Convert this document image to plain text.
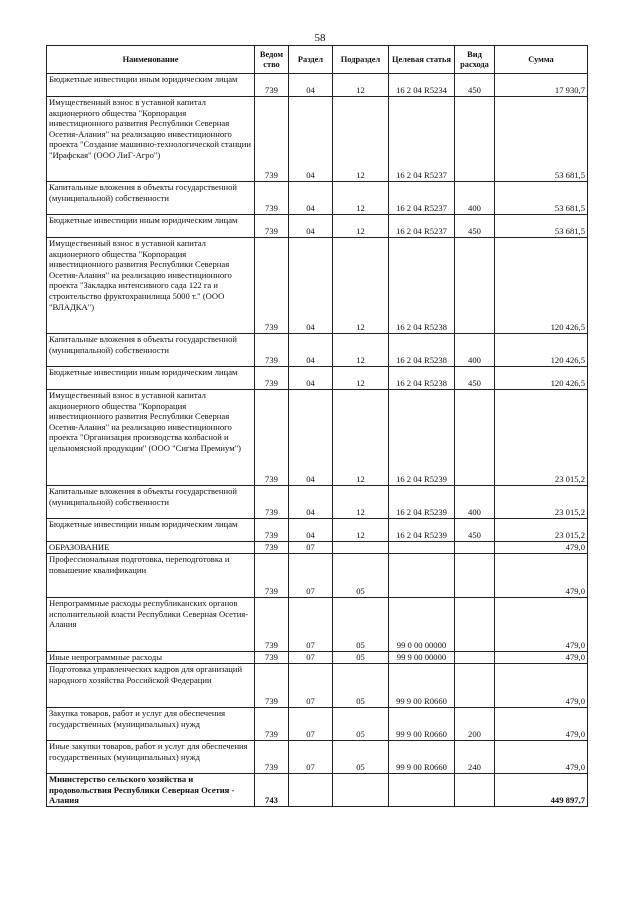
58
Наименование	Ведом ство	Раздел	Подраздел	Целевая статья	Вид расхода	Сумма
Бюджетные инвестиции иным юридическим лицам	739	04	12	16 2 04 R5234	450	17 930,7
Имущественный взнос в уставной капитал акционерного общества "Корпорация инвестиционного развития Республики Северная Осетия-Алания" на реализацию инвестиционного проекта "Создание машинно-технологической станции "Ирафская" (ООО ЛиГ-Агро")	739	04	12	16 2 04 R5237		53 681,5
Капитальные вложения в объекты государственной (муниципальной) собственности	739	04	12	16 2 04 R5237	400	53 681,5
Бюджетные инвестиции иным юридическим лицам	739	04	12	16 2 04 R5237	450	53 681,5
Имущественный взнос в уставной капитал акционерного общества "Корпорация инвестиционного развития Республики Северная Осетия-Алания" на реализацию инвестиционного проекта "Закладка интенсивного сада 122 га и строительство фруктохранилища 5000 т." (ООО "ВЛАДКА")	739	04	12	16 2 04 R5238		120 426,5
Капитальные вложения в объекты государственной (муниципальной) собственности	739	04	12	16 2 04 R5238	400	120 426,5
Бюджетные инвестиции иным юридическим лицам	739	04	12	16 2 04 R5238	450	120 426,5
Имущественный взнос в уставной капитал акционерного общества "Корпорация инвестиционного развития Республики Северная Осетия-Алания" на реализацию инвестиционного проекта "Организация производства колбасной и цельномясной продукции" (ООО "Сигма Премиум")	739	04	12	16 2 04 R5239		23 015,2
Капитальные вложения в объекты государственной (муниципальной) собственности	739	04	12	16 2 04 R5239	400	23 015,2
Бюджетные инвестиции иным юридическим лицам	739	04	12	16 2 04 R5239	450	23 015,2
ОБРАЗОВАНИЕ	739	07				479,0
Профессиональная подготовка, переподготовка и повышение квалификации	739	07	05			479,0
Непрограммные расходы республиканских органов исполнительной власти Республики Северная Осетия-Алания	739	07	05	99 0 00 00000		479,0
Иные непрограммные расходы	739	07	05	99 9 00 00000		479,0
Подготовка управленческих кадров для организаций народного хозяйства Российской Федерации	739	07	05	99 9 00 R0660		479,0
Закупка товаров, работ и услуг для обеспечения государственных (муниципальных) нужд	739	07	05	99 9 00 R0660	200	479,0
Иные закупки товаров, работ и услуг для обеспечения государственных (муниципальных) нужд	739	07	05	99 9 00 R0660	240	479,0
Министерство сельского хозяйства и продовольствия Республики Северная Осетия - Алания	743					449 897,7
